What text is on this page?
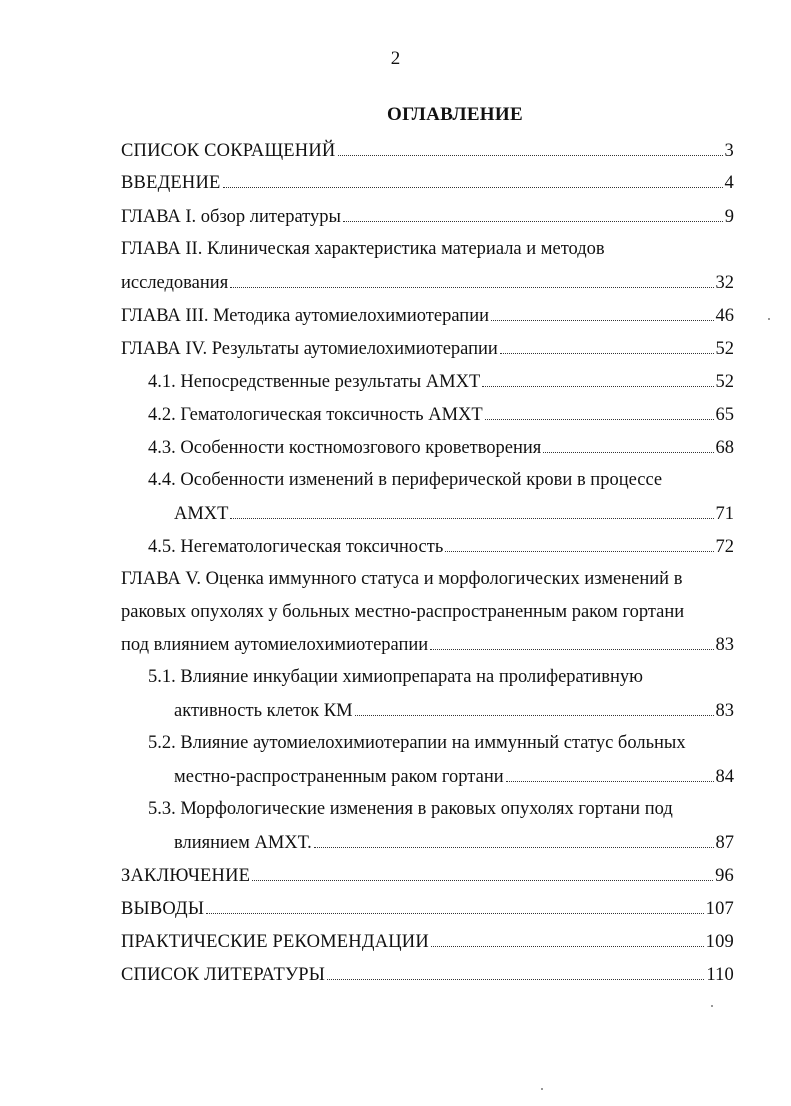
2
ОГЛАВЛЕНИЕ
СПИСОК СОКРАЩЕНИЙ	3
ВВЕДЕНИЕ	4
ГЛАВА I. обзор литературы	9
ГЛАВА II. Клиническая характеристика материала и методов
исследования	32
ГЛАВА III. Методика аутомиелохимиотерапии	46
ГЛАВА IV. Результаты аутомиелохимиотерапии	52
4.1. Непосредственные результаты АМХТ	52
4.2. Гематологическая токсичность АМХТ	65
4.3. Особенности костномозгового кроветворения	68
4.4. Особенности изменений в периферической крови в процессе
АМХТ	71
4.5. Негематологическая токсичность	72
ГЛАВА V. Оценка иммунного статуса и морфологических изменений в
раковых опухолях у больных местно-распространенным раком гортани
под влиянием аутомиелохимиотерапии	83
5.1. Влияние инкубации химиопрепарата на пролиферативную
активность клеток КМ	83
5.2. Влияние аутомиелохимиотерапии на иммунный статус больных
местно-распространенным раком гортани	84
5.3. Морфологические изменения в раковых опухолях гортани под
влиянием АМХТ.	87
ЗАКЛЮЧЕНИЕ	96
ВЫВОДЫ	107
ПРАКТИЧЕСКИЕ РЕКОМЕНДАЦИИ	109
СПИСОК ЛИТЕРАТУРЫ	110
